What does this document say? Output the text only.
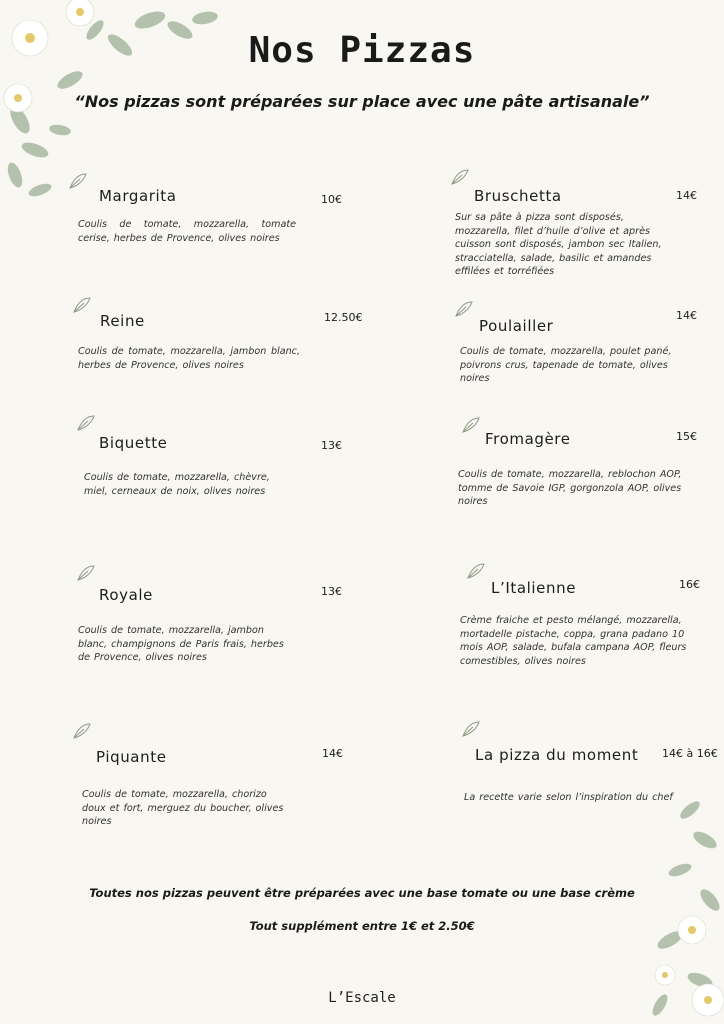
Nos Pizzas
“Nos pizzas sont préparées sur place avec une pâte artisanale”
Margarita	10€
Coulis de tomate, mozzarella, tomate cerise, herbes de Provence, olives noires
Bruschetta	14€
Sur sa pâte à pizza sont disposés, mozzarella, filet d’huile d’olive et après cuisson sont disposés, jambon sec Italien, stracciatella, salade, basilic et amandes effilées et torréfiées
Reine	12.50€
Coulis de tomate, mozzarella, jambon blanc, herbes de Provence, olives noires
Poulailler
14€
Coulis de tomate, mozzarella, poulet pané, poivrons crus, tapenade de tomate, olives noires
Biquette	13€
Coulis de tomate, mozzarella, chèvre, miel, cerneaux de noix, olives noires
Fromagère	15€
Coulis de tomate, mozzarella, reblochon AOP, tomme de Savoie IGP, gorgonzola AOP, olives noires
Royale	13€
Coulis de tomate, mozzarella, jambon blanc, champignons de Paris frais, herbes de Provence, olives noires
L’Italienne	16€
Crème fraiche et pesto mélangé, mozzarella, mortadelle pistache, coppa, grana padano 10 mois AOP, salade, bufala campana AOP, fleurs comestibles, olives noires
Piquante	14€
Coulis de tomate, mozzarella, chorizo doux et fort, merguez du boucher, olives noires
La pizza du moment 14€ à 16€
La recette varie selon l’inspiration du chef
Toutes nos pizzas peuvent être préparées avec une base tomate ou une base crème
Tout supplément entre 1€ et 2.50€
L’Escale
